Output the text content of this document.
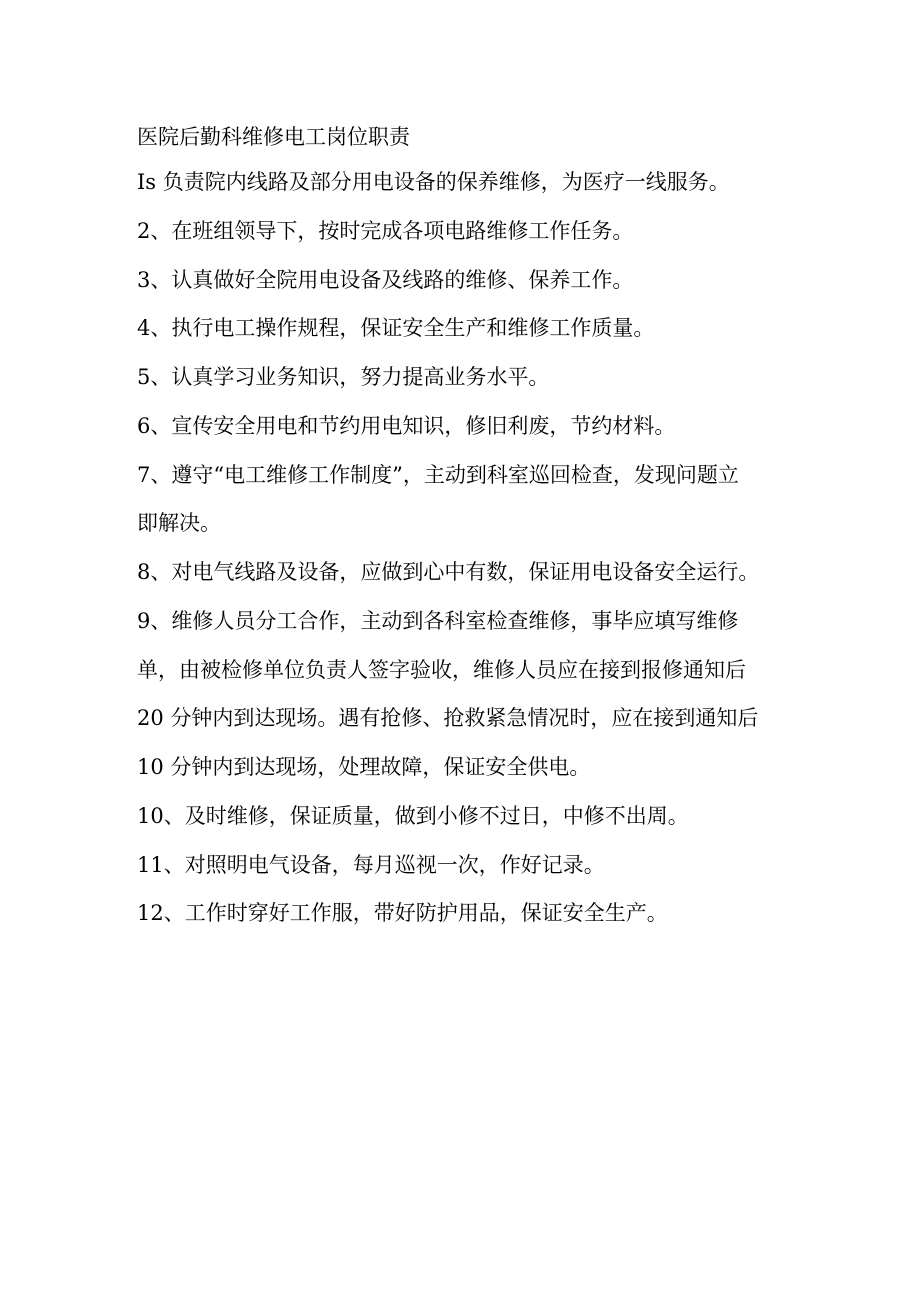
医院后勤科维修电工岗位职责
Is 负责院内线路及部分用电设备的保养维修，为医疗一线服务。
2、在班组领导下，按时完成各项电路维修工作任务。
3、认真做好全院用电设备及线路的维修、保养工作。
4、执行电工操作规程，保证安全生产和维修工作质量。
5、认真学习业务知识，努力提高业务水平。
6、宣传安全用电和节约用电知识，修旧利废，节约材料。
7、遵守“电工维修工作制度”，主动到科室巡回检查，发现问题立
即解决。
8、对电气线路及设备，应做到心中有数，保证用电设备安全运行。
9、维修人员分工合作，主动到各科室检查维修，事毕应填写维修
单，由被检修单位负责人签字验收，维修人员应在接到报修通知后
20 分钟内到达现场。遇有抢修、抢救紧急情况时，应在接到通知后
10 分钟内到达现场，处理故障，保证安全供电。
10、及时维修，保证质量，做到小修不过日，中修不出周。
11、对照明电气设备，每月巡视一次，作好记录。
12、工作时穿好工作服，带好防护用品，保证安全生产。
